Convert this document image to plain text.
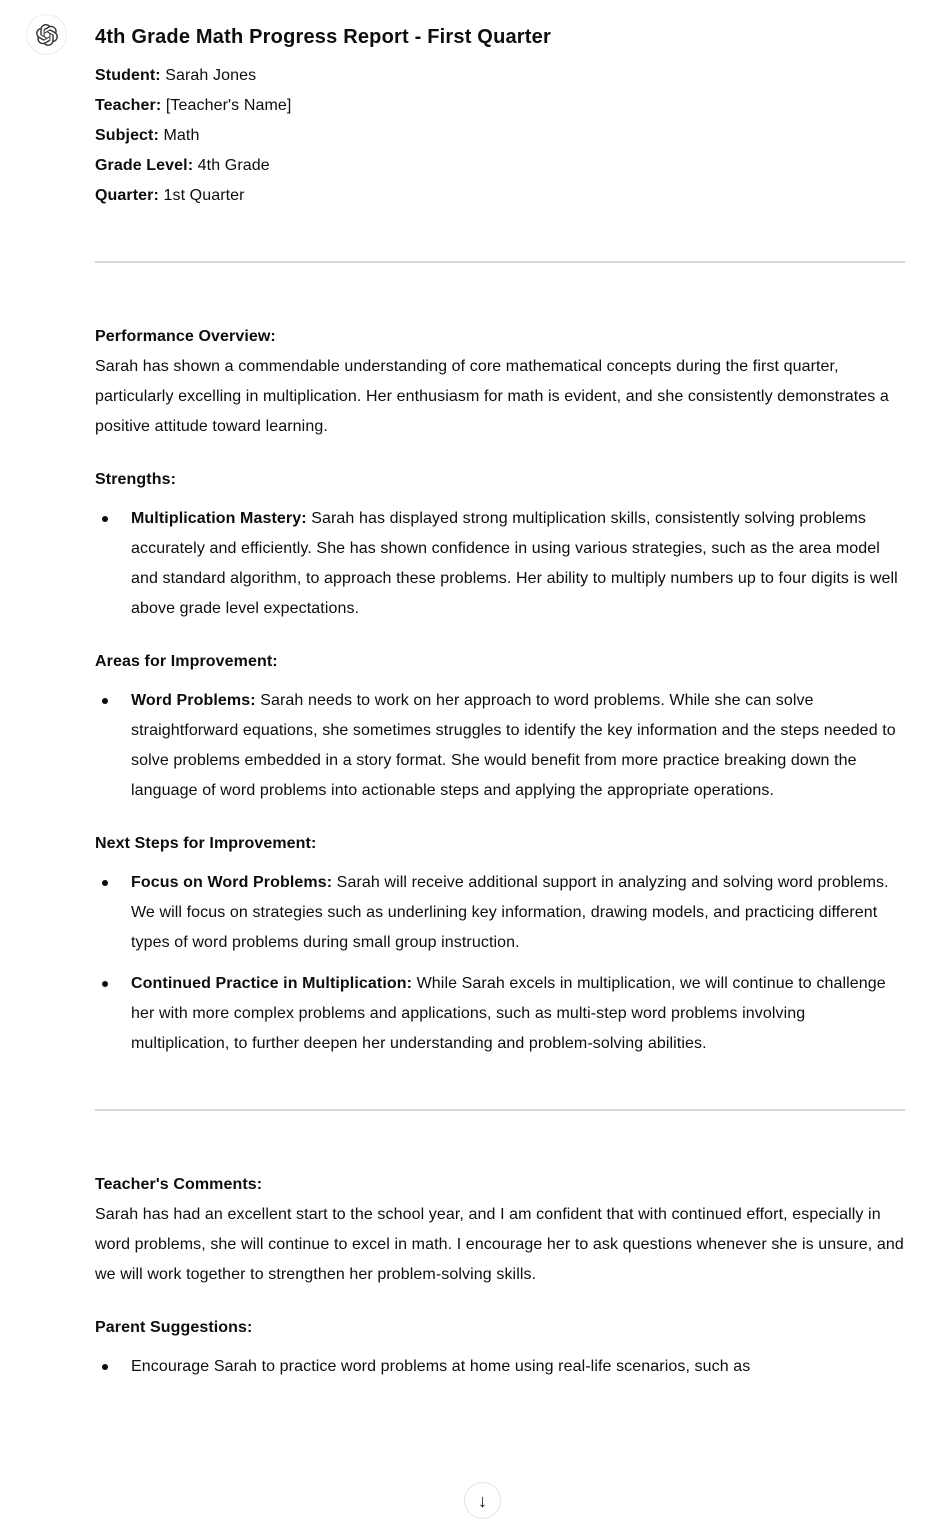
4th Grade Math Progress Report - First Quarter

Student: Sarah Jones
Teacher: [Teacher's Name]
Subject: Math
Grade Level: 4th Grade
Quarter: 1st Quarter

Performance Overview:
Sarah has shown a commendable understanding of core mathematical concepts during the first quarter, particularly excelling in multiplication. Her enthusiasm for math is evident, and she consistently demonstrates a positive attitude toward learning.

Strengths:

Multiplication Mastery: Sarah has displayed strong multiplication skills, consistently solving problems accurately and efficiently. She has shown confidence in using various strategies, such as the area model and standard algorithm, to approach these problems. Her ability to multiply numbers up to four digits is well above grade level expectations.

Areas for Improvement:

Word Problems: Sarah needs to work on her approach to word problems. While she can solve straightforward equations, she sometimes struggles to identify the key information and the steps needed to solve problems embedded in a story format. She would benefit from more practice breaking down the language of word problems into actionable steps and applying the appropriate operations.

Next Steps for Improvement:

Focus on Word Problems: Sarah will receive additional support in analyzing and solving word problems. We will focus on strategies such as underlining key information, drawing models, and practicing different types of word problems during small group instruction.
Continued Practice in Multiplication: While Sarah excels in multiplication, we will continue to challenge her with more complex problems and applications, such as multi-step word problems involving multiplication, to further deepen her understanding and problem-solving abilities.

Teacher's Comments:
Sarah has had an excellent start to the school year, and I am confident that with continued effort, especially in word problems, she will continue to excel in math. I encourage her to ask questions whenever she is unsure, and we will work together to strengthen her problem-solving skills.

Parent Suggestions:

Encourage Sarah to practice word problems at home using real-life scenarios, such as
↓
